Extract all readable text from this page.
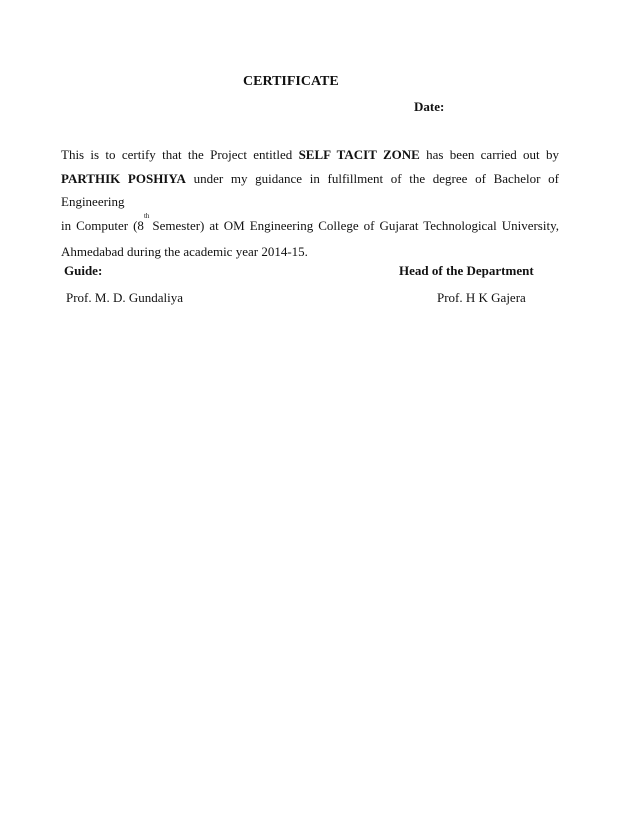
CERTIFICATE
Date:
This is to certify that the Project entitled SELF TACIT ZONE has been carried out by
PARTHIK POSHIYA under my guidance in fulfillment of the degree of Bachelor of Engineering
in Computer (8th Semester) at OM Engineering College of Gujarat Technological University,
Ahmedabad during the academic year 2014-15.
Guide:	Head of the Department
Prof. M. D. Gundaliya	Prof. H K Gajera
